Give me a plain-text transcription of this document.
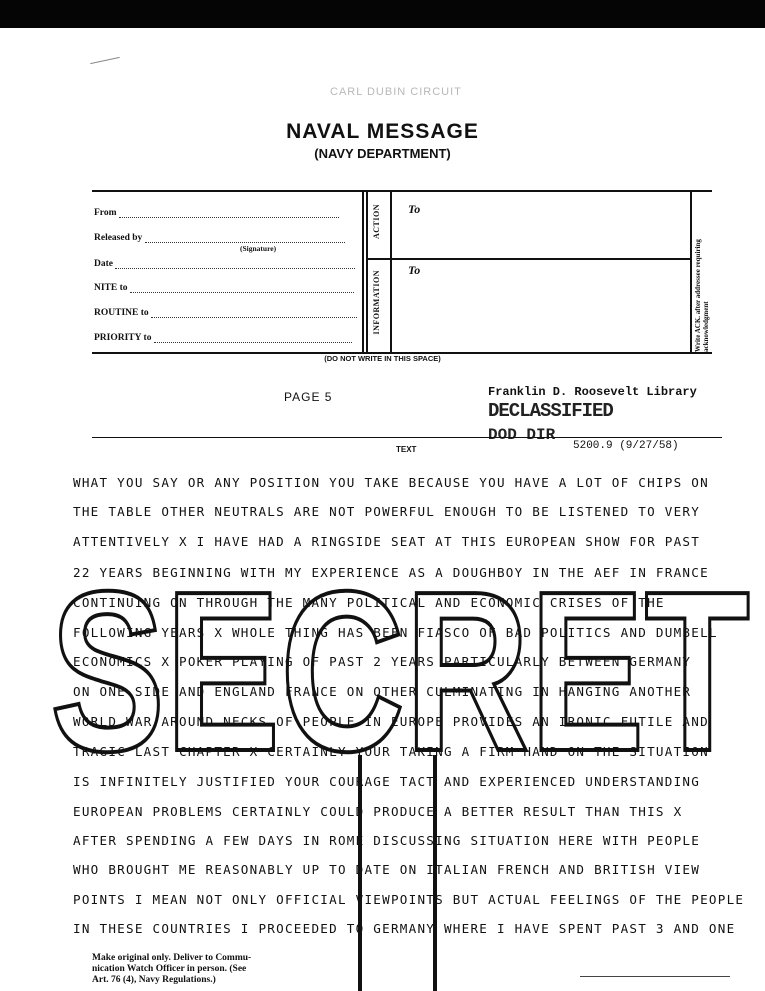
CARL DUBIN CIRCUIT
NAVAL MESSAGE
(NAVY DEPARTMENT)
From
Released by
(Signature)
Date
NITE to
ROUTINE to
PRIORITY to
ACTION
INFORMATION
To
To	Write ACK. after addressee requiring acknowledgment
(DO NOT WRITE IN THIS SPACE)
PAGE 5	Franklin D. Roosevelt Library
DECLASSIFIED
DOD DIR
5200.9 (9/27/58)
TEXT
WHAT YOU SAY OR ANY POSITION YOU TAKE BECAUSE YOU HAVE A LOT OF CHIPS ON
THE TABLE OTHER NEUTRALS ARE NOT POWERFUL ENOUGH TO BE LISTENED TO VERY
ATTENTIVELY X I HAVE HAD A RINGSIDE SEAT AT THIS EUROPEAN SHOW FOR PAST
22 YEARS BEGINNING WITH MY EXPERIENCE AS A DOUGHBOY IN THE AEF IN FRANCE
CONTINUING ON THROUGH THE MANY POLITICAL AND ECONOMIC CRISES OF THE
FOLLOWING YEARS X WHOLE THING HAS BEEN FIASCO OF BAD POLITICS AND DUMBELL
ECONOMICS X POKER PLAYING OF PAST 2 YEARS PARTICULARLY BETWEEN GERMANY
ON ONE SIDE AND ENGLAND FRANCE ON OTHER CULMINATING IN HANGING ANOTHER
WORLD WAR AROUND NECKS OF PEOPLE IN EUROPE PROVIDES AN IRONIC FUTILE AND
TRAGIC LAST CHAPTER X CERTAINLY YOUR TAKING A FIRM HAND ON THE SITUATION
IS INFINITELY JUSTIFIED YOUR COURAGE TACT AND EXPERIENCED UNDERSTANDING
EUROPEAN PROBLEMS CERTAINLY COULD PRODUCE A BETTER RESULT THAN THIS X
AFTER SPENDING A FEW DAYS IN ROME DISCUSSING SITUATION HERE WITH PEOPLE
WHO BROUGHT ME REASONABLY UP TO DATE ON ITALIAN FRENCH AND BRITISH VIEW
POINTS I MEAN NOT ONLY OFFICIAL VIEWPOINTS BUT ACTUAL FEELINGS OF THE PEOPLE
IN THESE COUNTRIES I PROCEEDED TO GERMANY WHERE I HAVE SPENT PAST 3 AND ONE
SECRET
Make original only. Deliver to Commu-
nication Watch Officer in person. (See
Art. 76 (4), Navy Regulations.)
